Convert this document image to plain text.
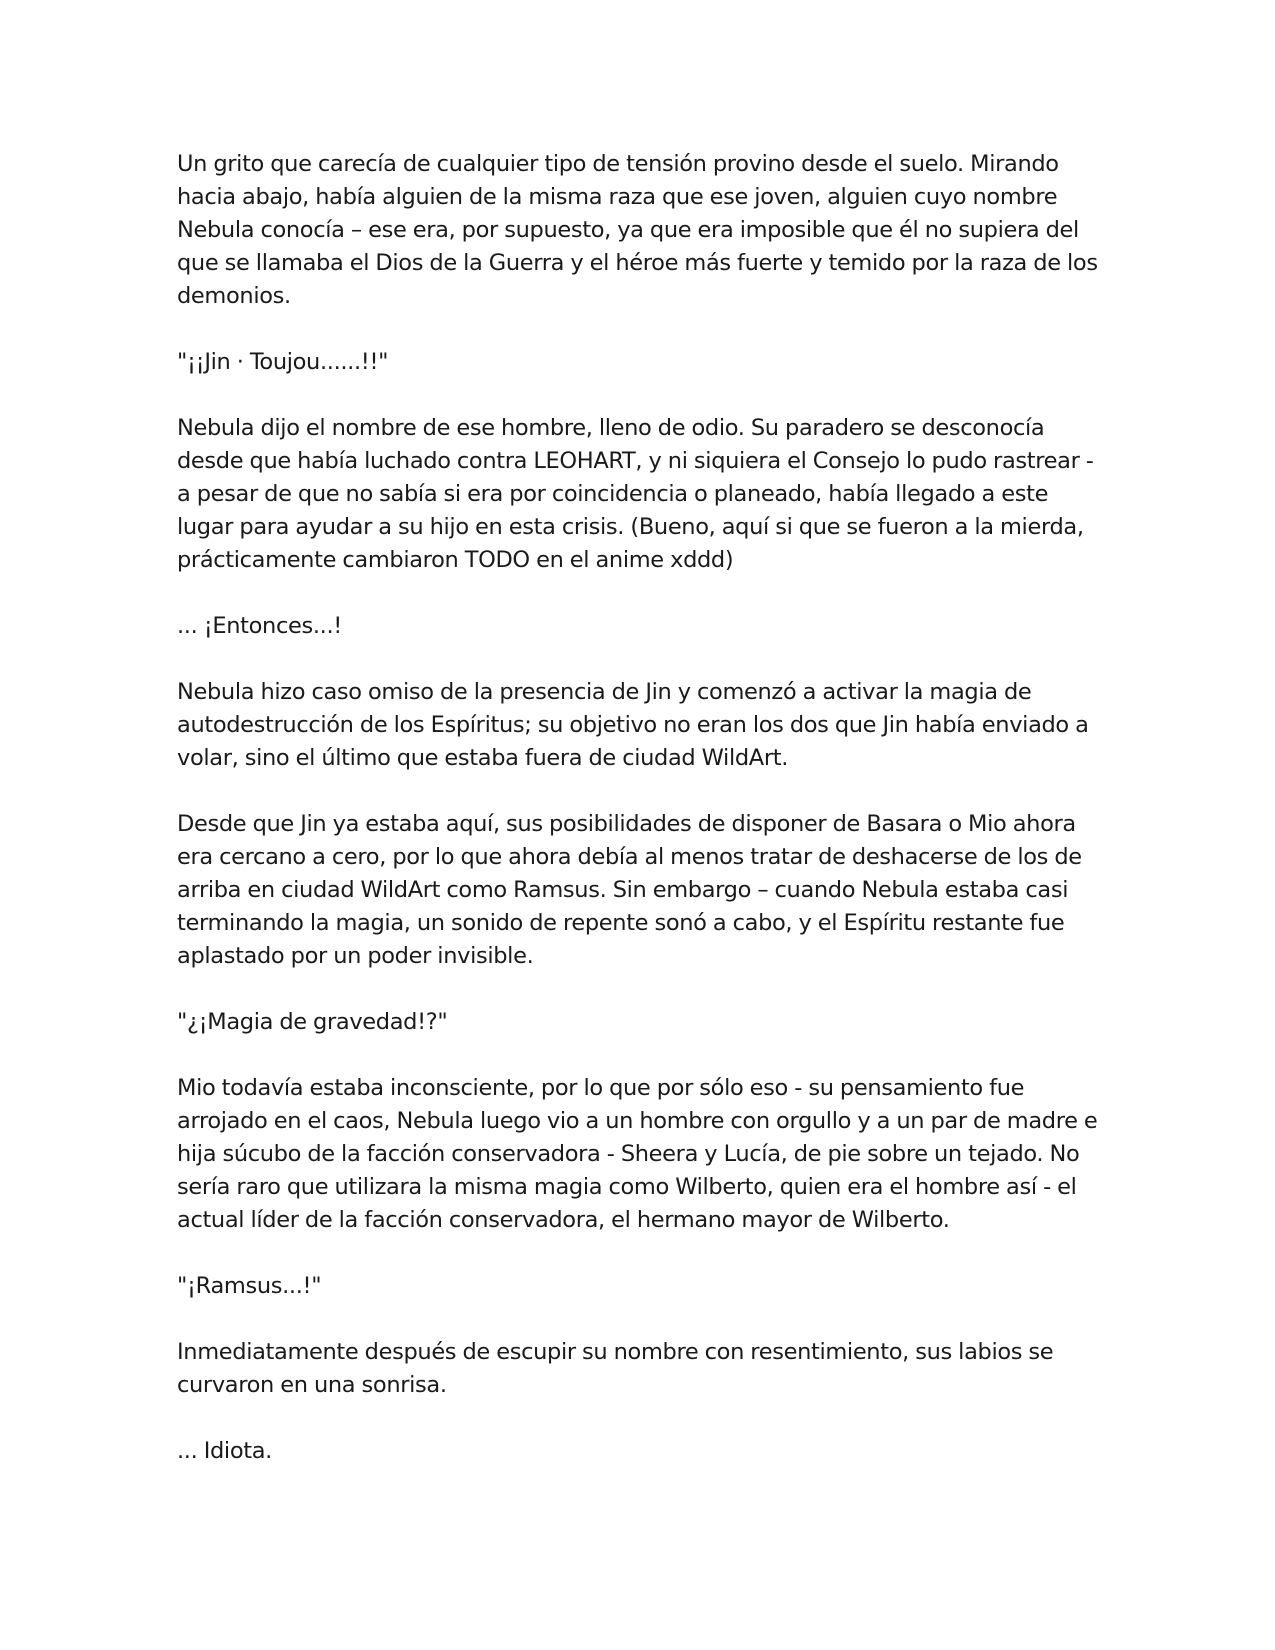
Un grito que carecía de cualquier tipo de tensión provino desde el suelo. Mirando hacia abajo, había alguien de la misma raza que ese joven, alguien cuyo nombre Nebula conocía – ese era, por supuesto, ya que era imposible que él no supiera del que se llamaba el Dios de la Guerra y el héroe más fuerte y temido por la raza de los demonios.

"¡¡Jin · Toujou......!!"

Nebula dijo el nombre de ese hombre, lleno de odio. Su paradero se desconocía desde que había luchado contra LEOHART, y ni siquiera el Consejo lo pudo rastrear - a pesar de que no sabía si era por coincidencia o planeado, había llegado a este lugar para ayudar a su hijo en esta crisis. (Bueno, aquí si que se fueron a la mierda, prácticamente cambiaron TODO en el anime xddd)

... ¡Entonces...!

Nebula hizo caso omiso de la presencia de Jin y comenzó a activar la magia de autodestrucción de los Espíritus; su objetivo no eran los dos que Jin había enviado a volar, sino el último que estaba fuera de ciudad WildArt.

Desde que Jin ya estaba aquí, sus posibilidades de disponer de Basara o Mio ahora era cercano a cero, por lo que ahora debía al menos tratar de deshacerse de los de arriba en ciudad WildArt como Ramsus. Sin embargo – cuando Nebula estaba casi terminando la magia, un sonido de repente sonó a cabo, y el Espíritu restante fue aplastado por un poder invisible.

"¿¡Magia de gravedad!?"

Mio todavía estaba inconsciente, por lo que por sólo eso - su pensamiento fue arrojado en el caos, Nebula luego vio a un hombre con orgullo y a un par de madre e hija súcubo de la facción conservadora - Sheera y Lucía, de pie sobre un tejado. No sería raro que utilizara la misma magia como Wilberto, quien era el hombre así - el actual líder de la facción conservadora, el hermano mayor de Wilberto.

"¡Ramsus...!"

Inmediatamente después de escupir su nombre con resentimiento, sus labios se curvaron en una sonrisa.

... Idiota.
